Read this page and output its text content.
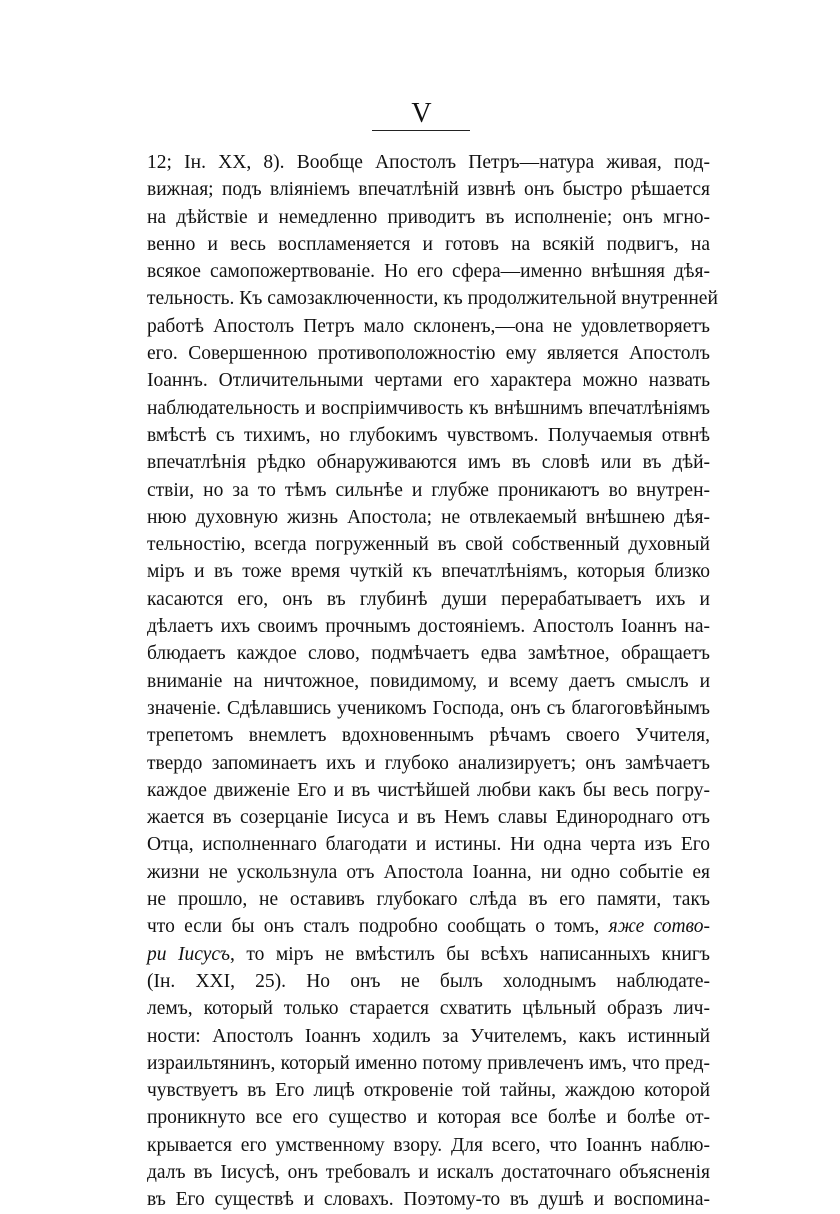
V
12; Ін. XX, 8). Вообще Апостолъ Петръ—натура живая, под-
вижная; подъ вліяніемъ впечатлѣній извнѣ онъ быстро рѣшается
на дѣйствіе и немедленно приводитъ въ исполненіе; онъ мгно-
венно и весь воспламеняется и готовъ на всякій подвигъ, на
всякое самопожертвованіе. Но его сфера—именно внѣшняя дѣя-
тельность. Къ самозаключенности, къ продолжительной внутренней
работѣ Апостолъ Петръ мало склоненъ,—она не удовлетворяетъ
его. Совершенною противоположностію ему является Апостолъ
Іоаннъ. Отличительными чертами его характера можно назвать
наблюдательность и воспріимчивость къ внѣшнимъ впечатлѣніямъ
вмѣстѣ съ тихимъ, но глубокимъ чувствомъ. Получаемыя отвнѣ
впечатлѣнія рѣдко обнаруживаются имъ въ словѣ или въ дѣй-
ствіи, но за то тѣмъ сильнѣе и глубже проникаютъ во внутрен-
нюю духовную жизнь Апостола; не отвлекаемый внѣшнею дѣя-
тельностію, всегда погруженный въ свой собственный духовный
міръ и въ тоже время чуткій къ впечатлѣніямъ, которыя близко
касаются его, онъ въ глубинѣ души перерабатываетъ ихъ и
дѣлаетъ ихъ своимъ прочнымъ достояніемъ. Апостолъ Іоаннъ на-
блюдаетъ каждое слово, подмѣчаетъ едва замѣтное, обращаетъ
вниманіе на ничтожное, повидимому, и всему даетъ смыслъ и
значеніе. Сдѣлавшись ученикомъ Господа, онъ съ благоговѣйнымъ
трепетомъ внемлетъ вдохновеннымъ рѣчамъ своего Учителя,
твердо запоминаетъ ихъ и глубоко анализируетъ; онъ замѣчаетъ
каждое движеніе Его и въ чистѣйшей любви какъ бы весь погру-
жается въ созерцаніе Іисуса и въ Немъ славы Единороднаго отъ
Отца, исполненнаго благодати и истины. Ни одна черта изъ Его
жизни не ускользнула отъ Апостола Іоанна, ни одно событіе ея
не прошло, не оставивъ глубокаго слѣда въ его памяти, такъ
что если бы онъ сталъ подробно сообщать о томъ, яже сотво-
ри Іисусъ, то міръ не вмѣстилъ бы всѣхъ написанныхъ книгъ
(Ін. XXI, 25). Но онъ не былъ холоднымъ наблюдате-
лемъ, который только старается схватить цѣльный образъ лич-
ности: Апостолъ Іоаннъ ходилъ за Учителемъ, какъ истинный
израильтянинъ, который именно потому привлеченъ имъ, что пред-
чувствуетъ въ Его лицѣ откровеніе той тайны, жаждою которой
проникнуто все его существо и которая все болѣе и болѣе от-
крывается его умственному взору. Для всего, что Іоаннъ наблю-
далъ въ Іисусѣ, онъ требовалъ и искалъ достаточнаго объясненія
въ Его существѣ и словахъ. Поэтому-то въ душѣ и воспомина-
